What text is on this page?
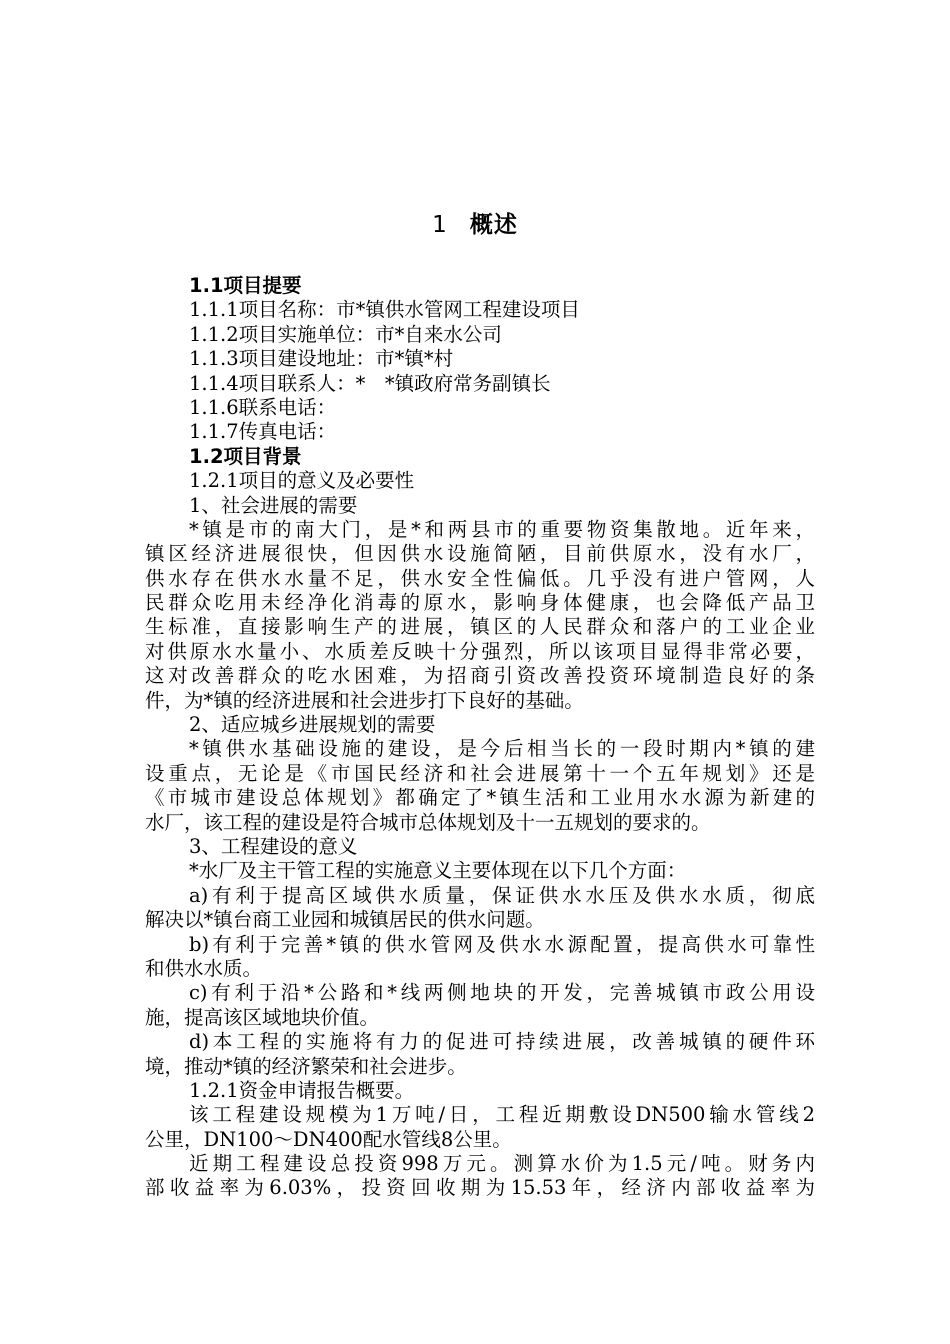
1 概述
1.1项目提要
1.1.1项目名称：市*镇供水管网工程建设项目
1.1.2项目实施单位：市*自来水公司
1.1.3项目建设地址：市*镇*村
1.1.4项目联系人：*　*镇政府常务副镇长
1.1.6联系电话：
1.1.7传真电话：
1.2项目背景
1.2.1项目的意义及必要性
1、社会进展的需要
*镇是市的南大门，是*和两县市的重要物资集散地。近年来，
镇区经济进展很快，但因供水设施简陋，目前供原水，没有水厂，
供水存在供水水量不足，供水安全性偏低。几乎没有进户管网，人
民群众吃用未经净化消毒的原水，影响身体健康，也会降低产品卫
生标准，直接影响生产的进展，镇区的人民群众和落户的工业企业
对供原水水量小、水质差反映十分强烈，所以该项目显得非常必要，
这对改善群众的吃水困难，为招商引资改善投资环境制造良好的条
件，为*镇的经济进展和社会进步打下良好的基础。
2、适应城乡进展规划的需要
*镇供水基础设施的建设，是今后相当长的一段时期内*镇的建
设重点，无论是《市国民经济和社会进展第十一个五年规划》还是
《市城市建设总体规划》都确定了*镇生活和工业用水水源为新建的
水厂，该工程的建设是符合城市总体规划及十一五规划的要求的。
3、工程建设的意义
*水厂及主干管工程的实施意义主要体现在以下几个方面：
a)有利于提高区域供水质量，保证供水水压及供水水质，彻底
解决以*镇台商工业园和城镇居民的供水问题。
b)有利于完善*镇的供水管网及供水水源配置，提高供水可靠性
和供水水质。
c)有利于沿*公路和*线两侧地块的开发，完善城镇市政公用设
施，提高该区域地块价值。
d)本工程的实施将有力的促进可持续进展，改善城镇的硬件环
境，推动*镇的经济繁荣和社会进步。
1.2.1资金申请报告概要。
该工程建设规模为1万吨/日，工程近期敷设DN500输水管线2
公里，DN100～DN400配水管线8公里。
近期工程建设总投资998万元。测算水价为1.5元/吨。财务内
部收益率为6.03%，投资回收期为15.53年，经济内部收益率为
